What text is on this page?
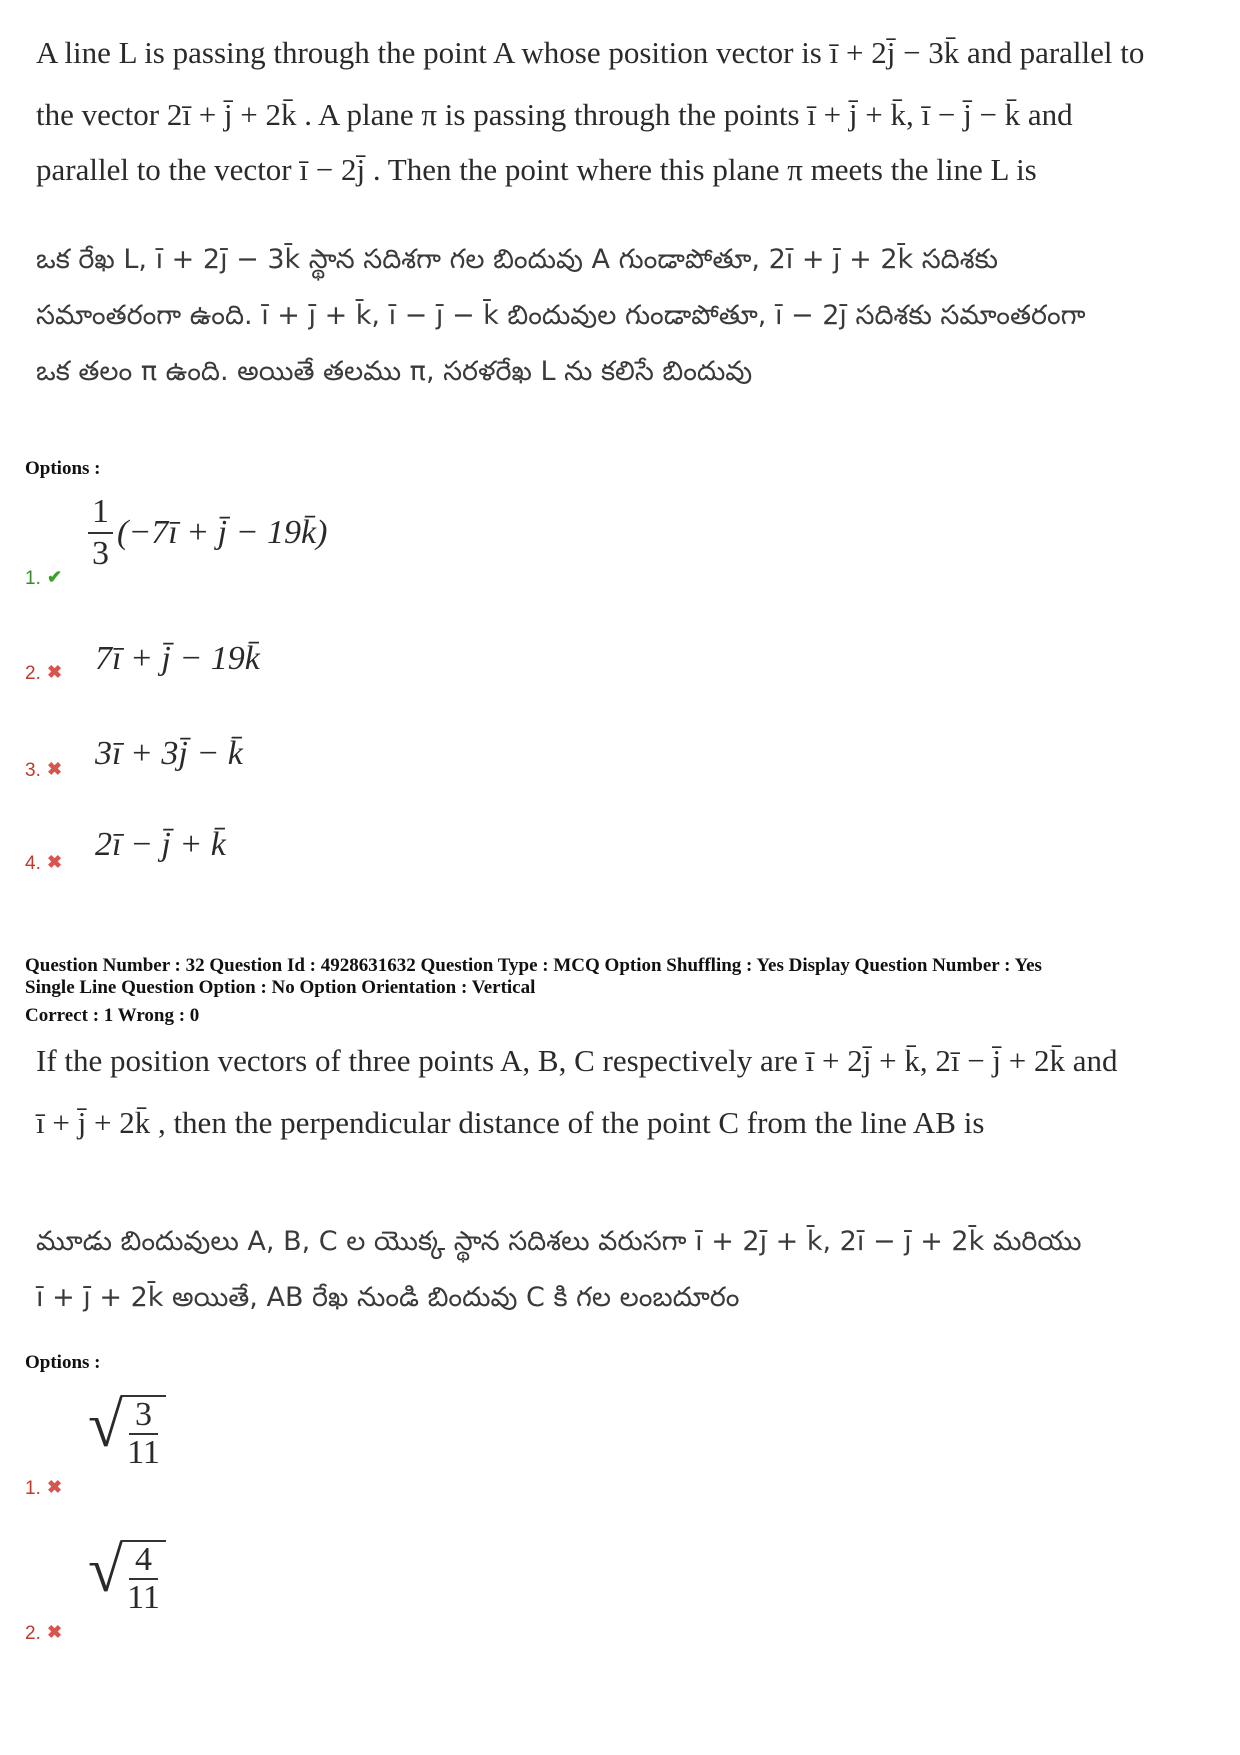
A line L is passing through the point A whose position vector is ī + 2j̄ − 3k̄ and parallel to
the vector 2ī + j̄ + 2k̄ . A plane π is passing through the points ī + j̄ + k̄, ī − j̄ − k̄ and
parallel to the vector ī − 2j̄ . Then the point where this plane π meets the line L is
ఒక రేఖ L, ī + 2j̄ − 3k̄ స్థాన సదిశగా గల బిందువు A గుండాపోతూ, 2ī + j̄ + 2k̄ సదిశకు
సమాంతరంగా ఉంది. ī + j̄ + k̄, ī − j̄ − k̄ బిందువుల గుండాపోతూ, ī − 2j̄ సదిశకు సమాంతరంగా
ఒక తలం π ఉంది. అయితే తలము π, సరళరేఖ L ను కలిసే బిందువు
Options :
1. ✔
$\frac{1}{3}$ (−7ī + j̄ − 19k̄)
2. ✖ 7ī + j̄ − 19k̄
3. ✖ 3ī + 3j̄ − k̄
4. ✖ 2ī − j̄ + k̄
Question Number : 32 Question Id : 4928631632 Question Type : MCQ Option Shuffling : Yes Display Question Number : Yes
Single Line Question Option : No Option Orientation : Vertical
Correct : 1 Wrong : 0
If the position vectors of three points A, B, C respectively are ī + 2j̄ + k̄, 2ī − j̄ + 2k̄ and
ī + j̄ + 2k̄ , then the perpendicular distance of the point C from the line AB is
మూడు బిందువులు A, B, C ల యొక్క స్థాన సదిశలు వరుసగా ī + 2j̄ + k̄, 2ī − j̄ + 2k̄ మరియు
ī + j̄ + 2k̄ అయితే, AB రేఖ నుండి బిందువు C కి గల లంబదూరం
Options :
1. ✖
√
$\frac{3}{11}$
2. ✖
√
$\frac{4}{11}$
